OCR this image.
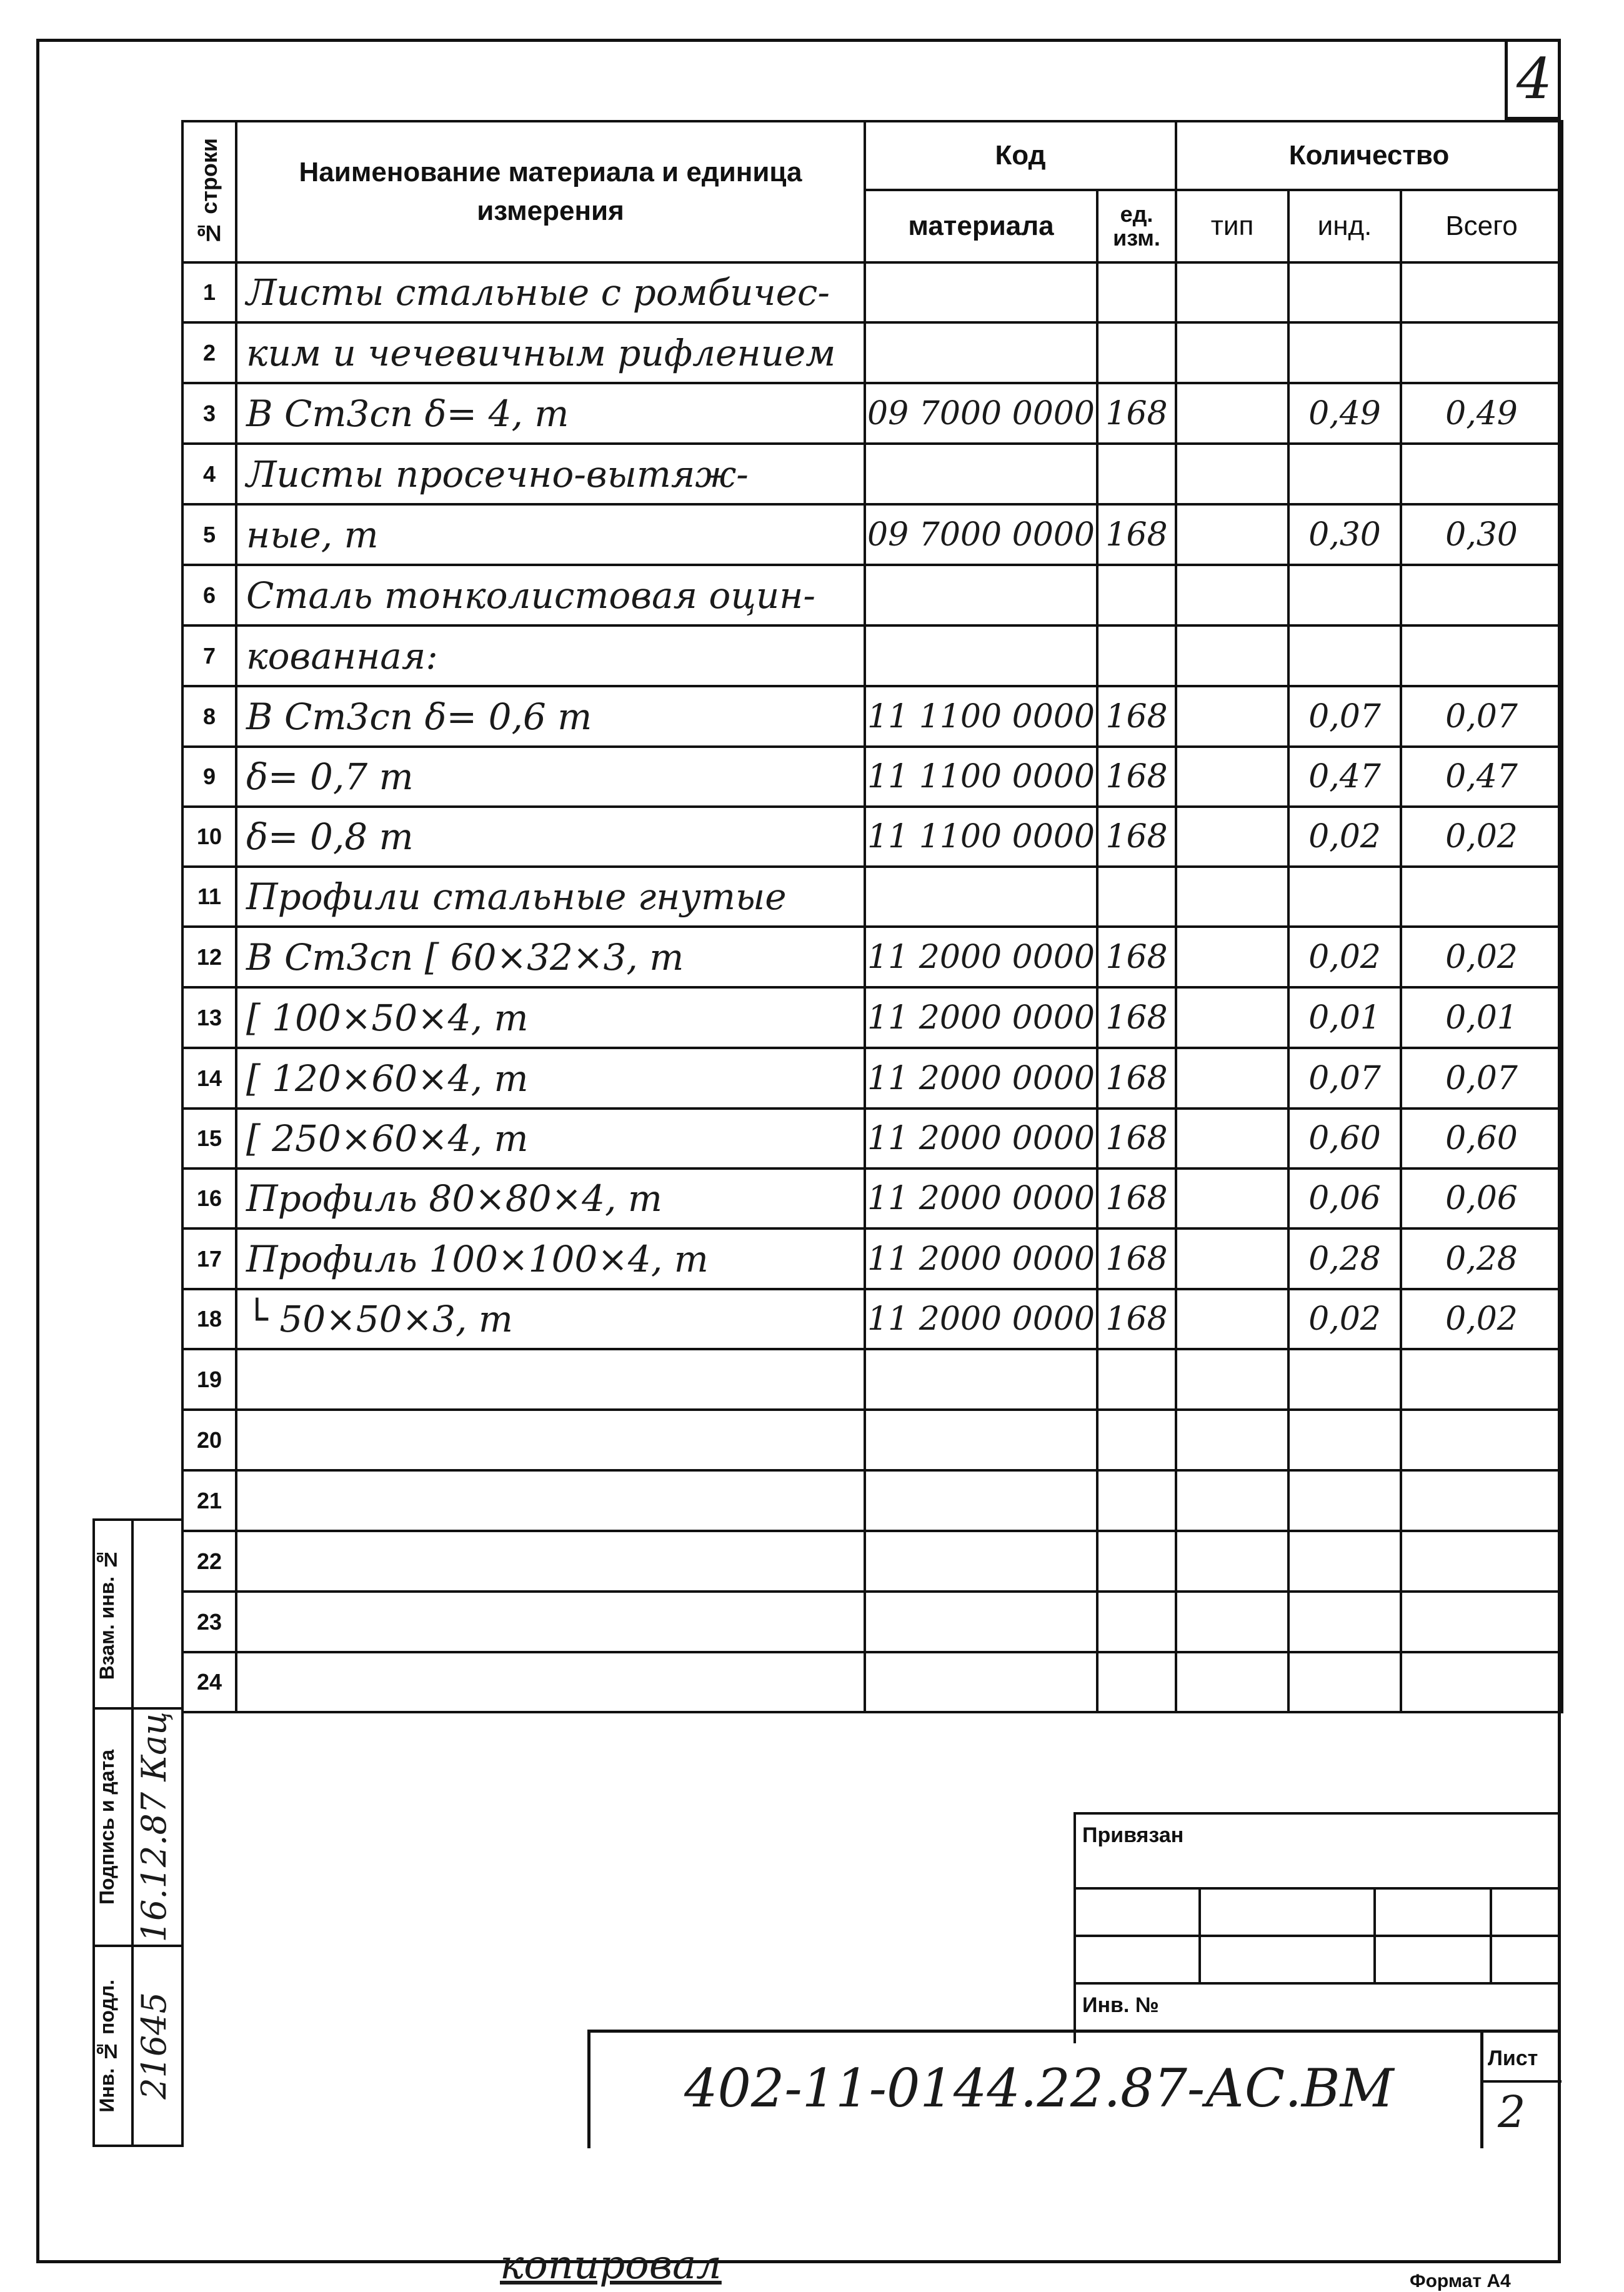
4
№ строки	Наименование материала и единица измерения	Код		Количество		
		материала	ед. изм.	тип	инд.	Всего
1	Листы стальные с ромбичес-					
2	ким и чечевичным рифлением					
3	В Ст3сп δ= 4, т	09 7000 0000	168		0,49	0,49
4	Листы просечно-вытяж-					
5	ные, т	09 7000 0000	168		0,30	0,30
6	Сталь тонколистовая оцин-					
7	кованная:					
8	В Ст3сп δ= 0,6 т	11 1100 0000	168		0,07	0,07
9	δ= 0,7 т	11 1100 0000	168		0,47	0,47
10	δ= 0,8 т	11 1100 0000	168		0,02	0,02
11	Профили стальные гнутые					
12	В Ст3сп [ 60×32×3, т	11 2000 0000	168		0,02	0,02
13	[ 100×50×4, т	11 2000 0000	168		0,01	0,01
14	[ 120×60×4, т	11 2000 0000	168		0,07	0,07
15	[ 250×60×4, т	11 2000 0000	168		0,60	0,60
16	Профиль 80×80×4, т	11 2000 0000	168		0,06	0,06
17	Профиль 100×100×4, т	11 2000 0000	168		0,28	0,28
18	└ 50×50×3, т	11 2000 0000	168		0,02	0,02
19						
20						
21						
22						
23						
24						
Взам. инв. №	

Подпись и дата	16.12.87 Кац

Инв. № подл.	21645
Привязан
Инв. №
402-11-0144.22.87-АС.ВМ	Лист
2
копировал	Формат А4
